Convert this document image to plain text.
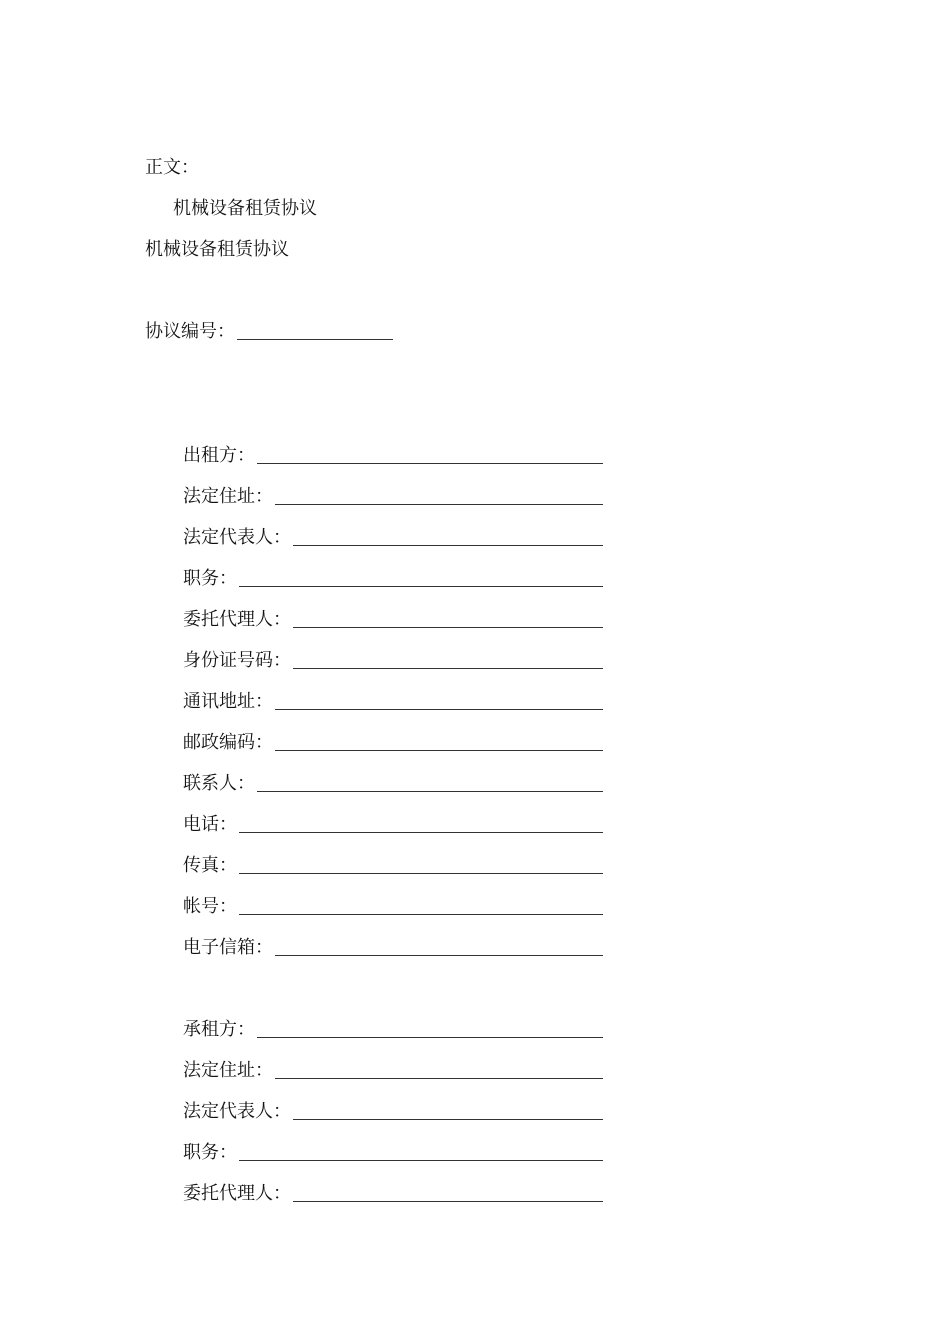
正文：
机械设备租赁协议
机械设备租赁协议
协议编号：
出租方：
法定住址：
法定代表人：
职务：
委托代理人：
身份证号码：
通讯地址：
邮政编码：
联系人：
电话：
传真：
帐号：
电子信箱：
承租方：
法定住址：
法定代表人：
职务：
委托代理人：
